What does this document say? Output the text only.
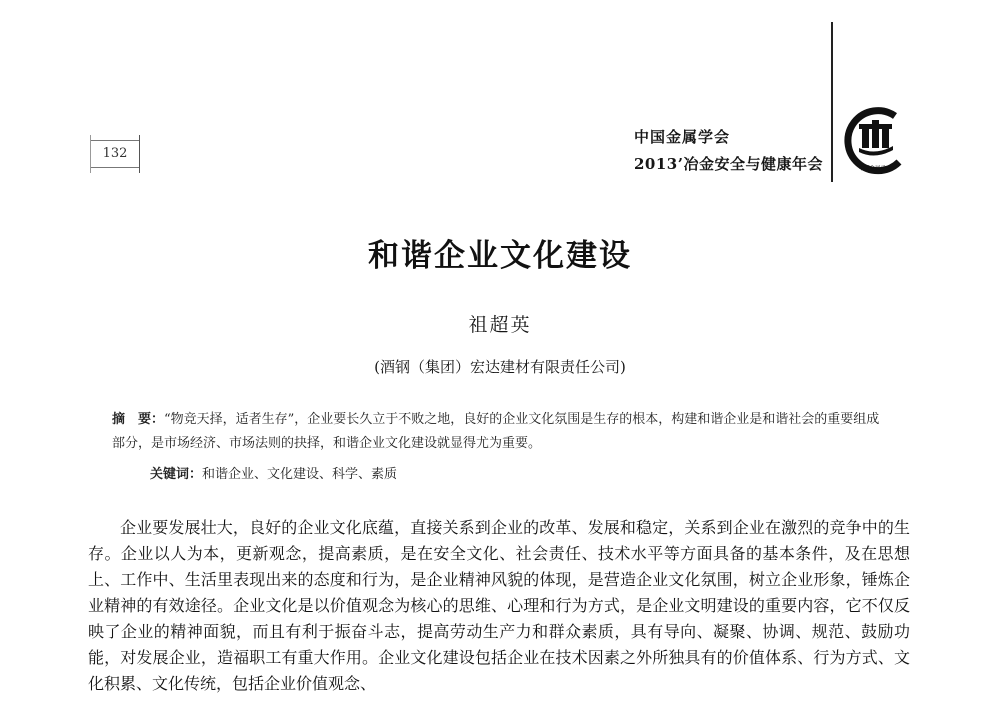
132
中国金属学会
2013’冶金安全与健康年会	中国金属学会
和谐企业文化建设
祖超英
(酒钢（集团）宏达建材有限责任公司)

摘　要：“物竞天择，适者生存”，企业要长久立于不败之地，良好的企业文化氛围是生存的根本，构建和谐企业是和谐社会的重要组成部分，是市场经济、市场法则的抉择，和谐企业文化建设就显得尤为重要。

关键词：和谐企业、文化建设、科学、素质

企业要发展壮大，良好的企业文化底蕴，直接关系到企业的改革、发展和稳定，关系到企业在激烈的竞争中的生存。企业以人为本，更新观念，提高素质，是在安全文化、社会责任、技术水平等方面具备的基本条件，及在思想上、工作中、生活里表现出来的态度和行为，是企业精神风貌的体现，是营造企业文化氛围，树立企业形象，锤炼企业精神的有效途径。企业文化是以价值观念为核心的思维、心理和行为方式，是企业文明建设的重要内容，它不仅反映了企业的精神面貌，而且有利于振奋斗志，提高劳动生产力和群众素质，具有导向、凝聚、协调、规范、鼓励功能，对发展企业，造福职工有重大作用。企业文化建设包括企业在技术因素之外所独具有的价值体系、行为方式、文化积累、文化传统，包括企业价值观念、
